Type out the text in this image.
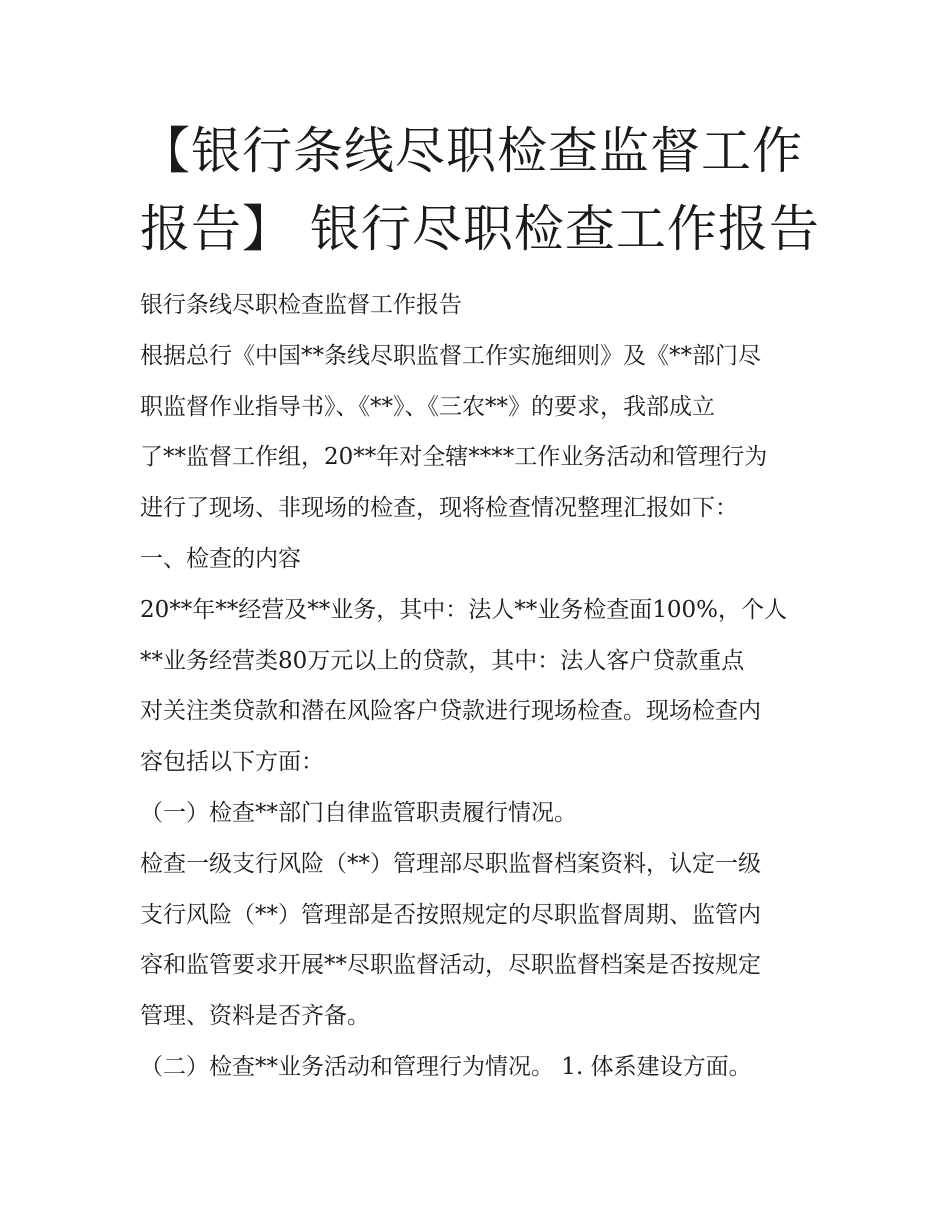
【银行条线尽职检查监督工作
报告】 银行尽职检查工作报告
银行条线尽职检查监督工作报告
根据总行《中国**条线尽职监督工作实施细则》及《**部门尽
职监督作业指导书》、《**》、《三农**》的要求，我部成立
了**监督工作组，20**年对全辖****工作业务活动和管理行为
进行了现场、非现场的检查，现将检查情况整理汇报如下：
一、检查的内容
20**年**经营及**业务，其中：法人**业务检查面100%，个人
**业务经营类80万元以上的贷款，其中：法人客户贷款重点
对关注类贷款和潜在风险客户贷款进行现场检查。现场检查内
容包括以下方面：
（一）检查**部门自律监管职责履行情况。
检查一级支行风险（**）管理部尽职监督档案资料，认定一级
支行风险（**）管理部是否按照规定的尽职监督周期、监管内
容和监管要求开展**尽职监督活动，尽职监督档案是否按规定
管理、资料是否齐备。
（二）检查**业务活动和管理行为情况。 1. 体系建设方面。
